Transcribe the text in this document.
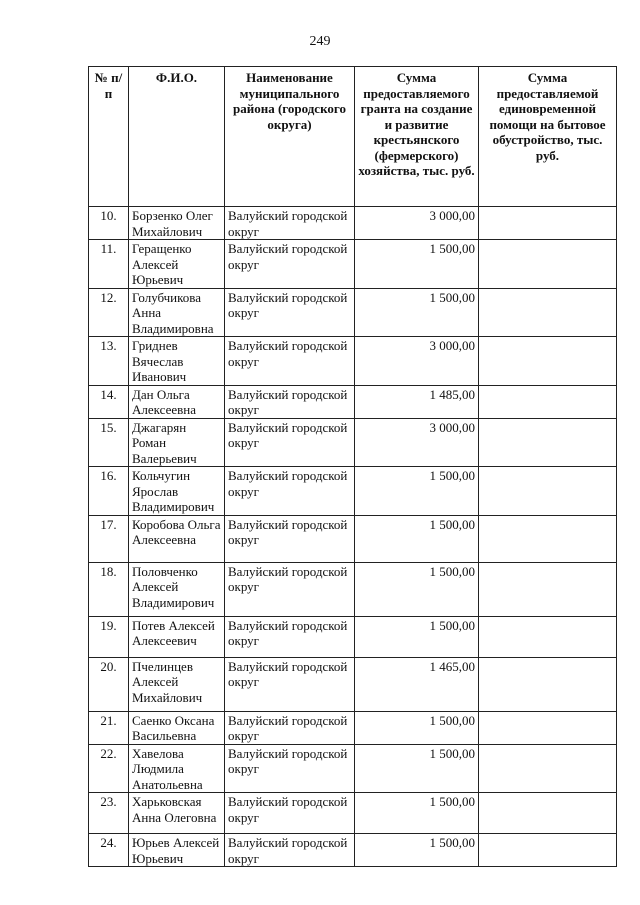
249
№ п/п	Ф.И.О.	Наименование муниципального района (городского округа)	Сумма предоставляемого гранта на создание и развитие крестьянского (фермерского) хозяйства, тыс. руб.	Сумма предоставляемой единовременной помощи на бытовое обустройство, тыс. руб.
10.	Борзенко Олег Михайлович	Валуйский городской округ	3 000,00	
11.	Геращенко Алексей Юрьевич	Валуйский городской округ	1 500,00	
12.	Голубчикова Анна Владимировна	Валуйский городской округ	1 500,00	
13.	Гриднев Вячеслав Иванович	Валуйский городской округ	3 000,00	
14.	Дан Ольга Алексеевна	Валуйский городской округ	1 485,00	
15.	Джагарян Роман Валерьевич	Валуйский городской округ	3 000,00	
16.	Кольчугин Ярослав Владимирович	Валуйский городской округ	1 500,00	
17.	Коробова Ольга Алексеевна	Валуйский городской округ	1 500,00	
18.	Половченко Алексей Владимирович	Валуйский городской округ	1 500,00	
19.	Потев Алексей Алексеевич	Валуйский городской округ	1 500,00	
20.	Пчелинцев Алексей Михайлович	Валуйский городской округ	1 465,00	
21.	Саенко Оксана Васильевна	Валуйский городской округ	1 500,00	
22.	Хавелова Людмила Анатольевна	Валуйский городской округ	1 500,00	
23.	Харьковская Анна Олеговна	Валуйский городской округ	1 500,00	
24.	Юрьев Алексей Юрьевич	Валуйский городской округ	1 500,00	
